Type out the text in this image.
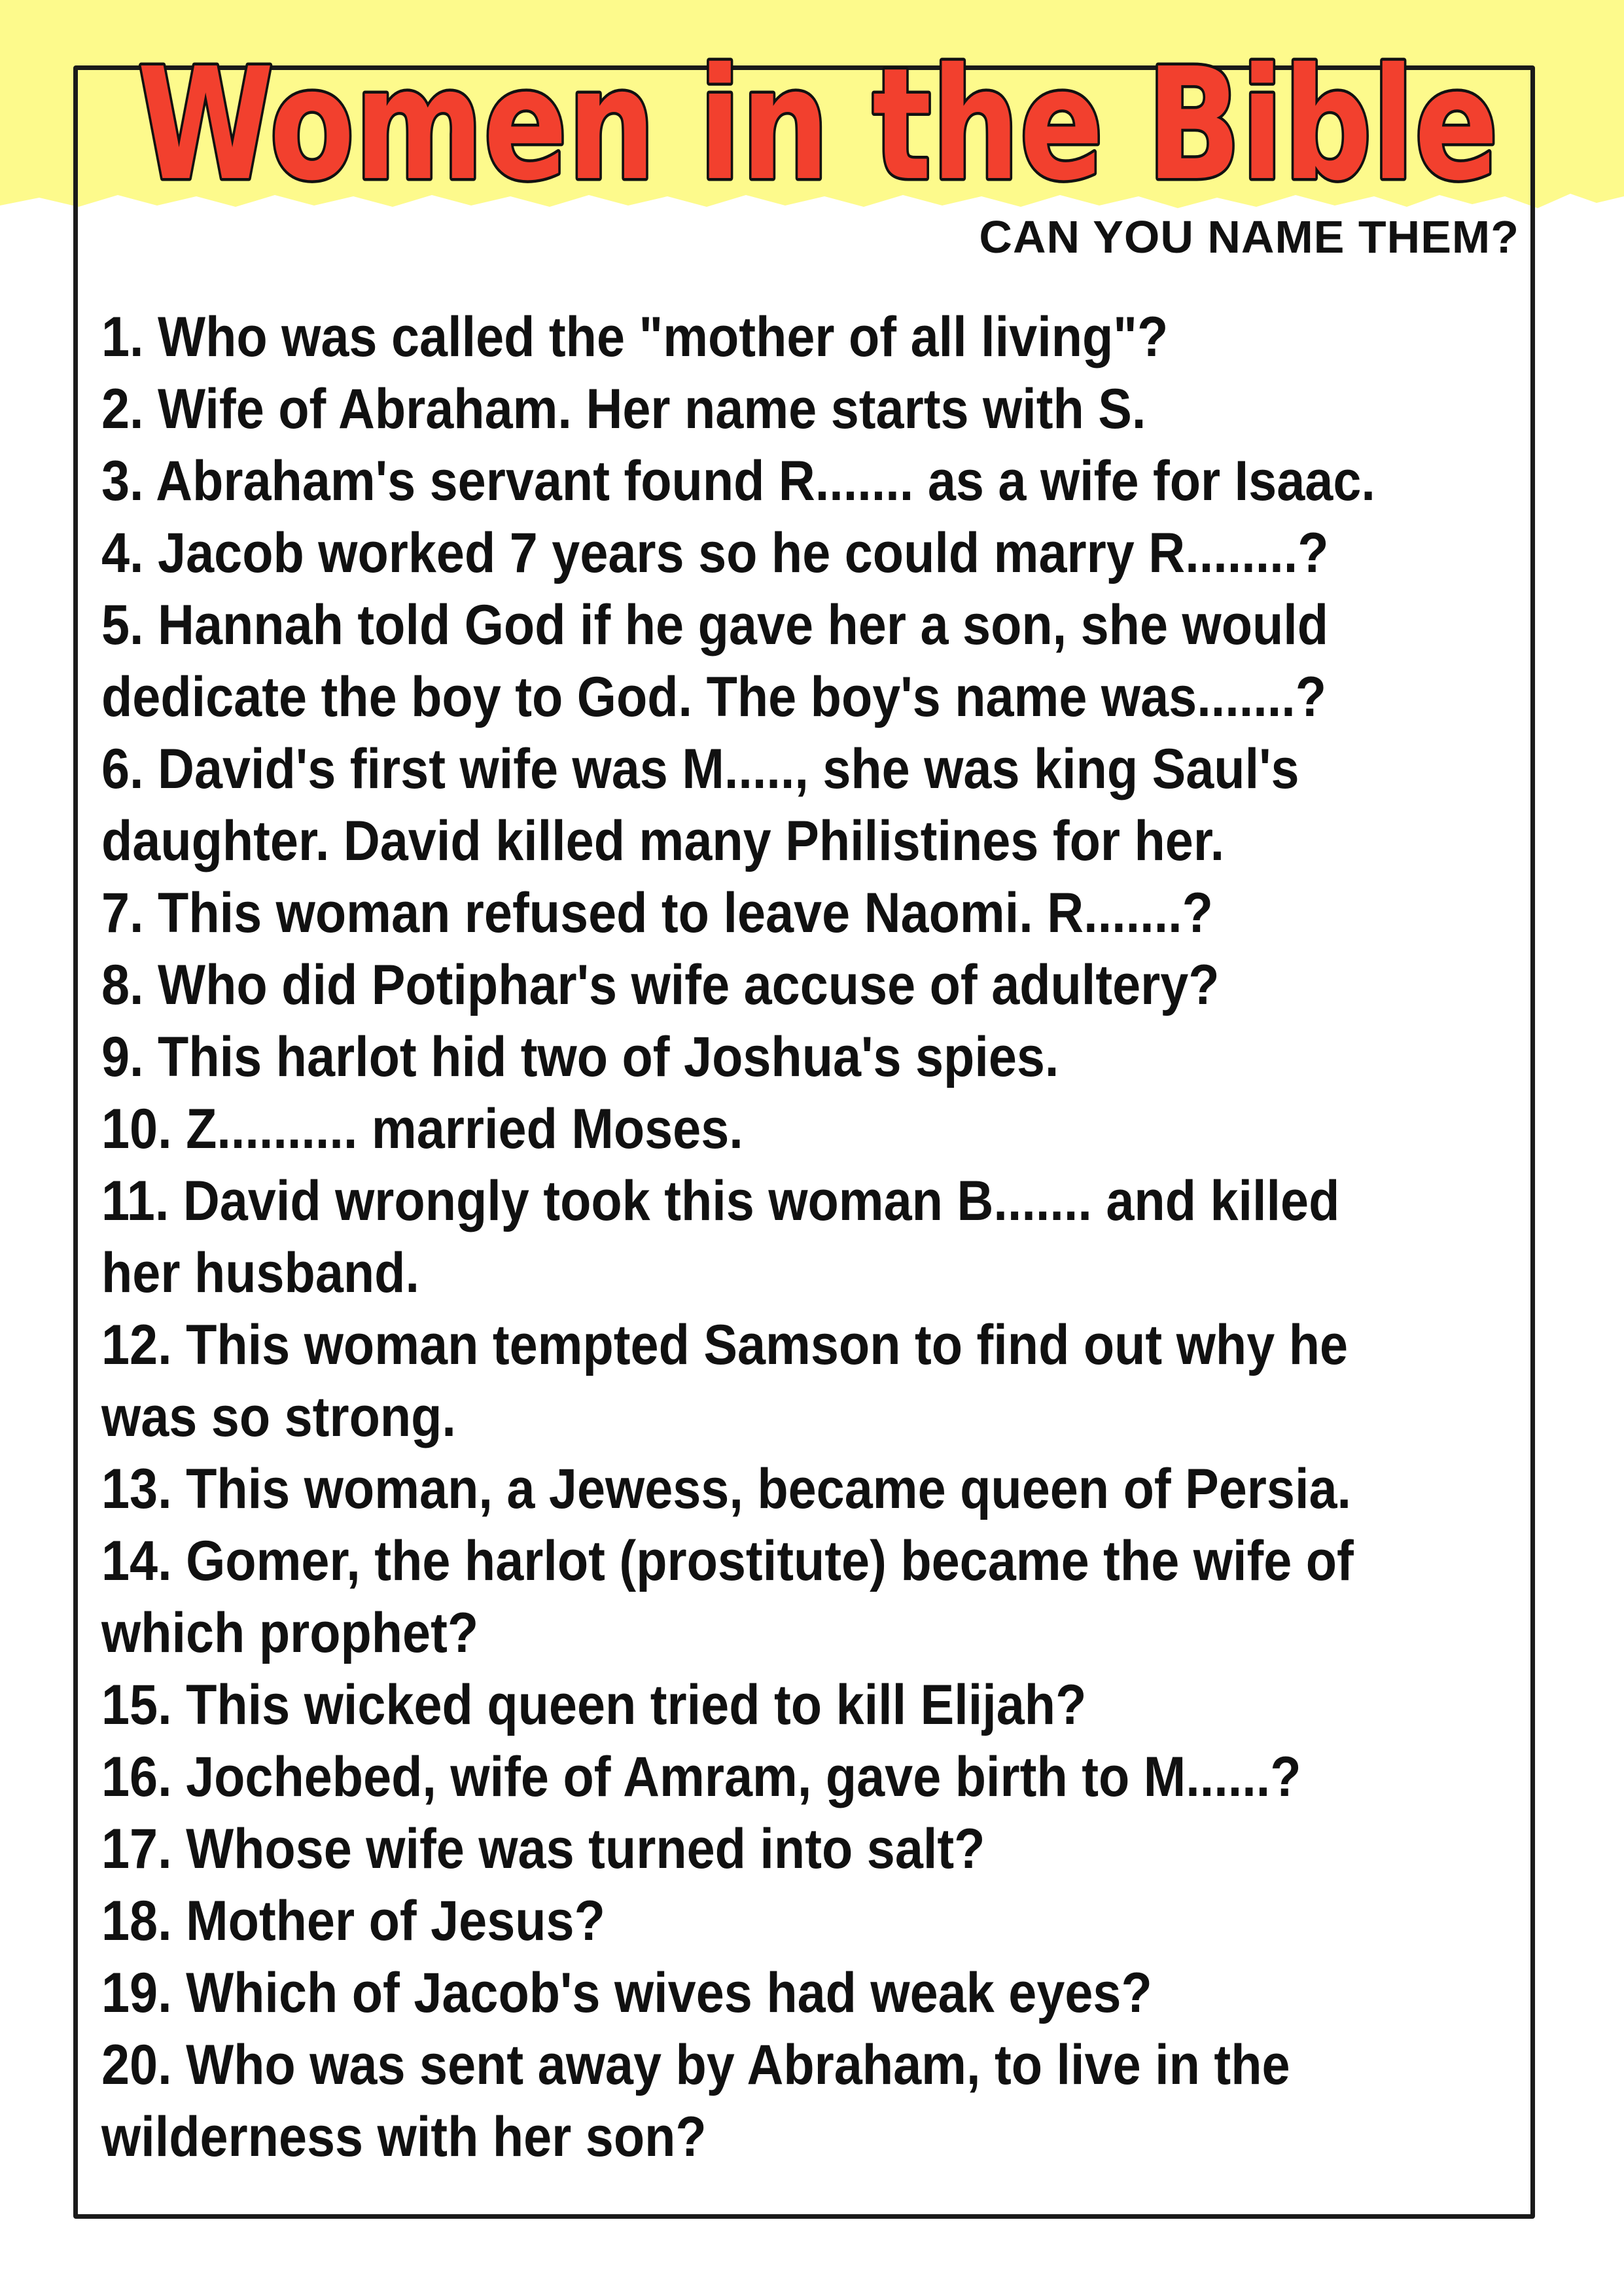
Women in the Bible

CAN YOU NAME THEM?

1. Who was called the "mother of all living"?
2. Wife of Abraham. Her name starts with S.
3. Abraham's servant found R....... as a wife for Isaac.
4. Jacob worked 7 years so he could marry R........?
5. Hannah told God if he gave her a son, she would dedicate the boy to God. The boy's name was.......?
6. David's first wife was M....., she was king Saul's daughter. David killed many Philistines for her.
7. This woman refused to leave Naomi. R.......?
8. Who did Potiphar's wife accuse of adultery?
9. This harlot hid two of Joshua's spies.
10. Z.......... married Moses.
11. David wrongly took this woman B....... and killed her husband.
12. This woman tempted Samson to find out why he was so strong.
13. This woman, a Jewess, became queen of Persia.
14. Gomer, the harlot (prostitute) became the wife of which prophet?
15. This wicked queen tried to kill Elijah?
16. Jochebed, wife of Amram, gave birth to M......?
17. Whose wife was turned into salt?
18. Mother of Jesus?
19. Which of Jacob's wives had weak eyes?
20. Who was sent away by Abraham, to live in the wilderness with her son?
